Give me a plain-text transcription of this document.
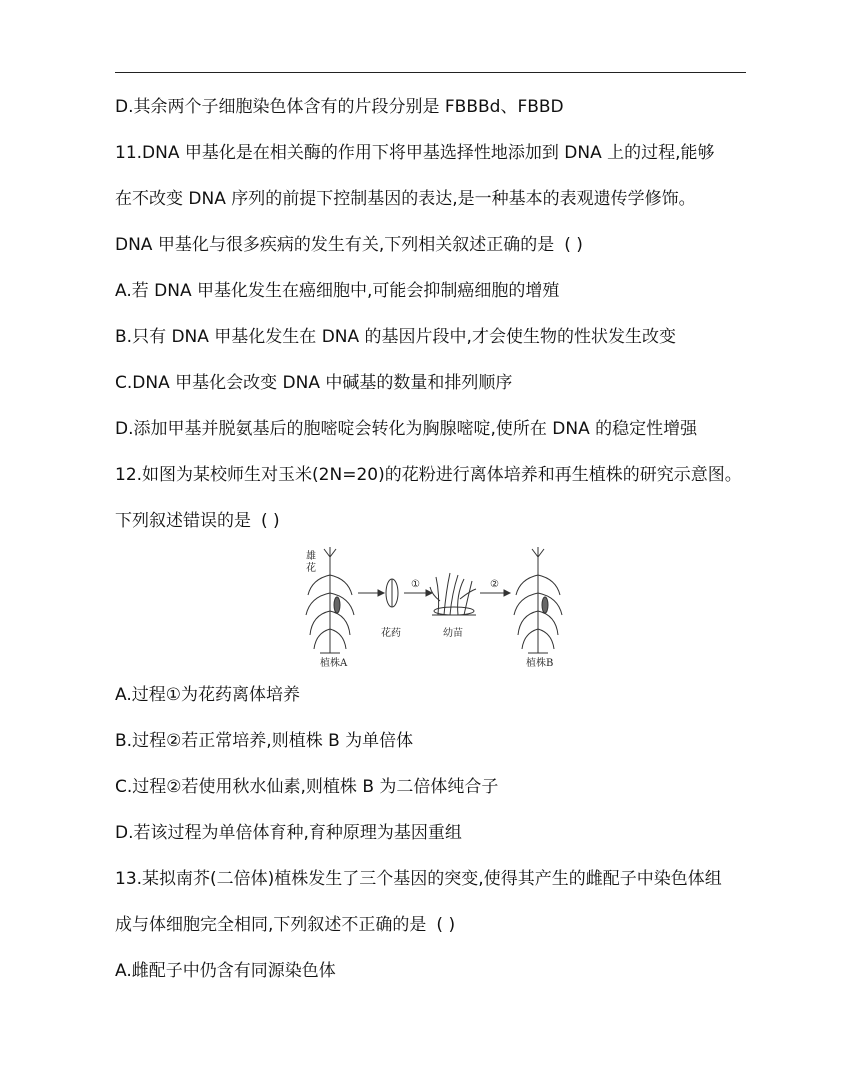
D.其余两个子细胞染色体含有的片段分别是 FBBBd、FBBD
11.DNA 甲基化是在相关酶的作用下将甲基选择性地添加到 DNA 上的过程,能够
在不改变 DNA 序列的前提下控制基因的表达,是一种基本的表观遗传学修饰。
DNA 甲基化与很多疾病的发生有关,下列相关叙述正确的是 ( )
A.若 DNA 甲基化发生在癌细胞中,可能会抑制癌细胞的增殖
B.只有 DNA 甲基化发生在 DNA 的基因片段中,才会使生物的性状发生改变
C.DNA 甲基化会改变 DNA 中碱基的数量和排列顺序
D.添加甲基并脱氨基后的胞嘧啶会转化为胸腺嘧啶,使所在 DNA 的稳定性增强
12.如图为某校师生对玉米(2N=20)的花粉进行离体培养和再生植株的研究示意图。
下列叙述错误的是 ( )
雄
花
植株A
花药
①
幼苗
②
植株B
A.过程①为花药离体培养
B.过程②若正常培养,则植株 B 为单倍体
C.过程②若使用秋水仙素,则植株 B 为二倍体纯合子
D.若该过程为单倍体育种,育种原理为基因重组
13.某拟南芥(二倍体)植株发生了三个基因的突变,使得其产生的雌配子中染色体组
成与体细胞完全相同,下列叙述不正确的是 ( )
A.雌配子中仍含有同源染色体
